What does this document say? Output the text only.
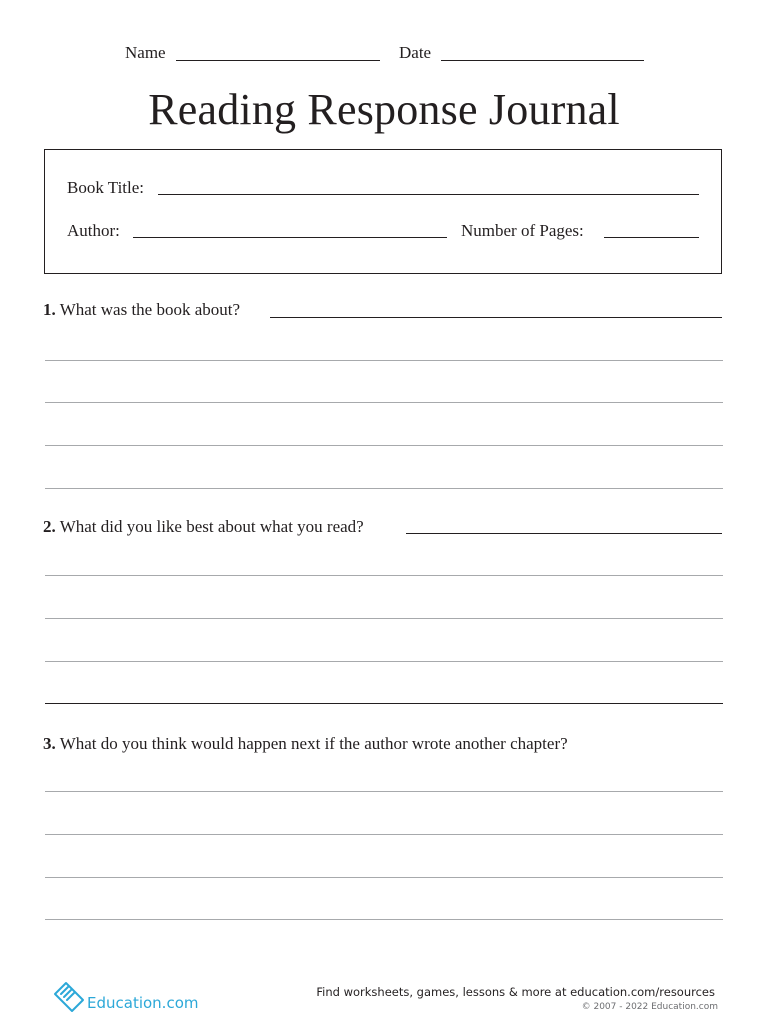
Name	Date
Reading Response Journal
Book Title:
Author:	Number of Pages:
1. What was the book about?
2. What did you like best about what you read?
3. What do you think would happen next if the author wrote another chapter?
Education.com
Find worksheets, games, lessons & more at education.com/resources
© 2007 - 2022 Education.com
